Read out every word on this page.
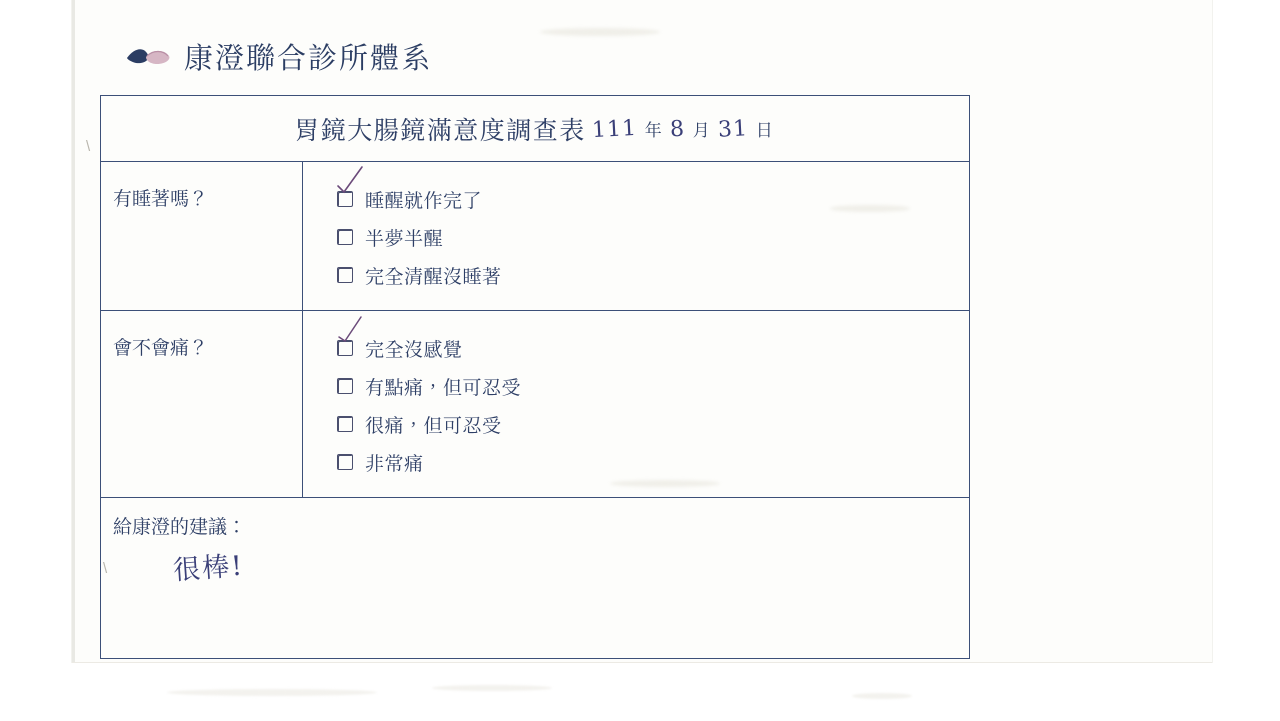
\
\
康澄聯合診所體系
胃鏡大腸鏡滿意度調查表 111 年 8 月 31 日
有睡著嗎？	睡醒就作完了
半夢半醒
完全清醒沒睡著
會不會痛？	完全沒感覺
有點痛，但可忍受
很痛，但可忍受
非常痛
給康澄的建議：
很棒!
